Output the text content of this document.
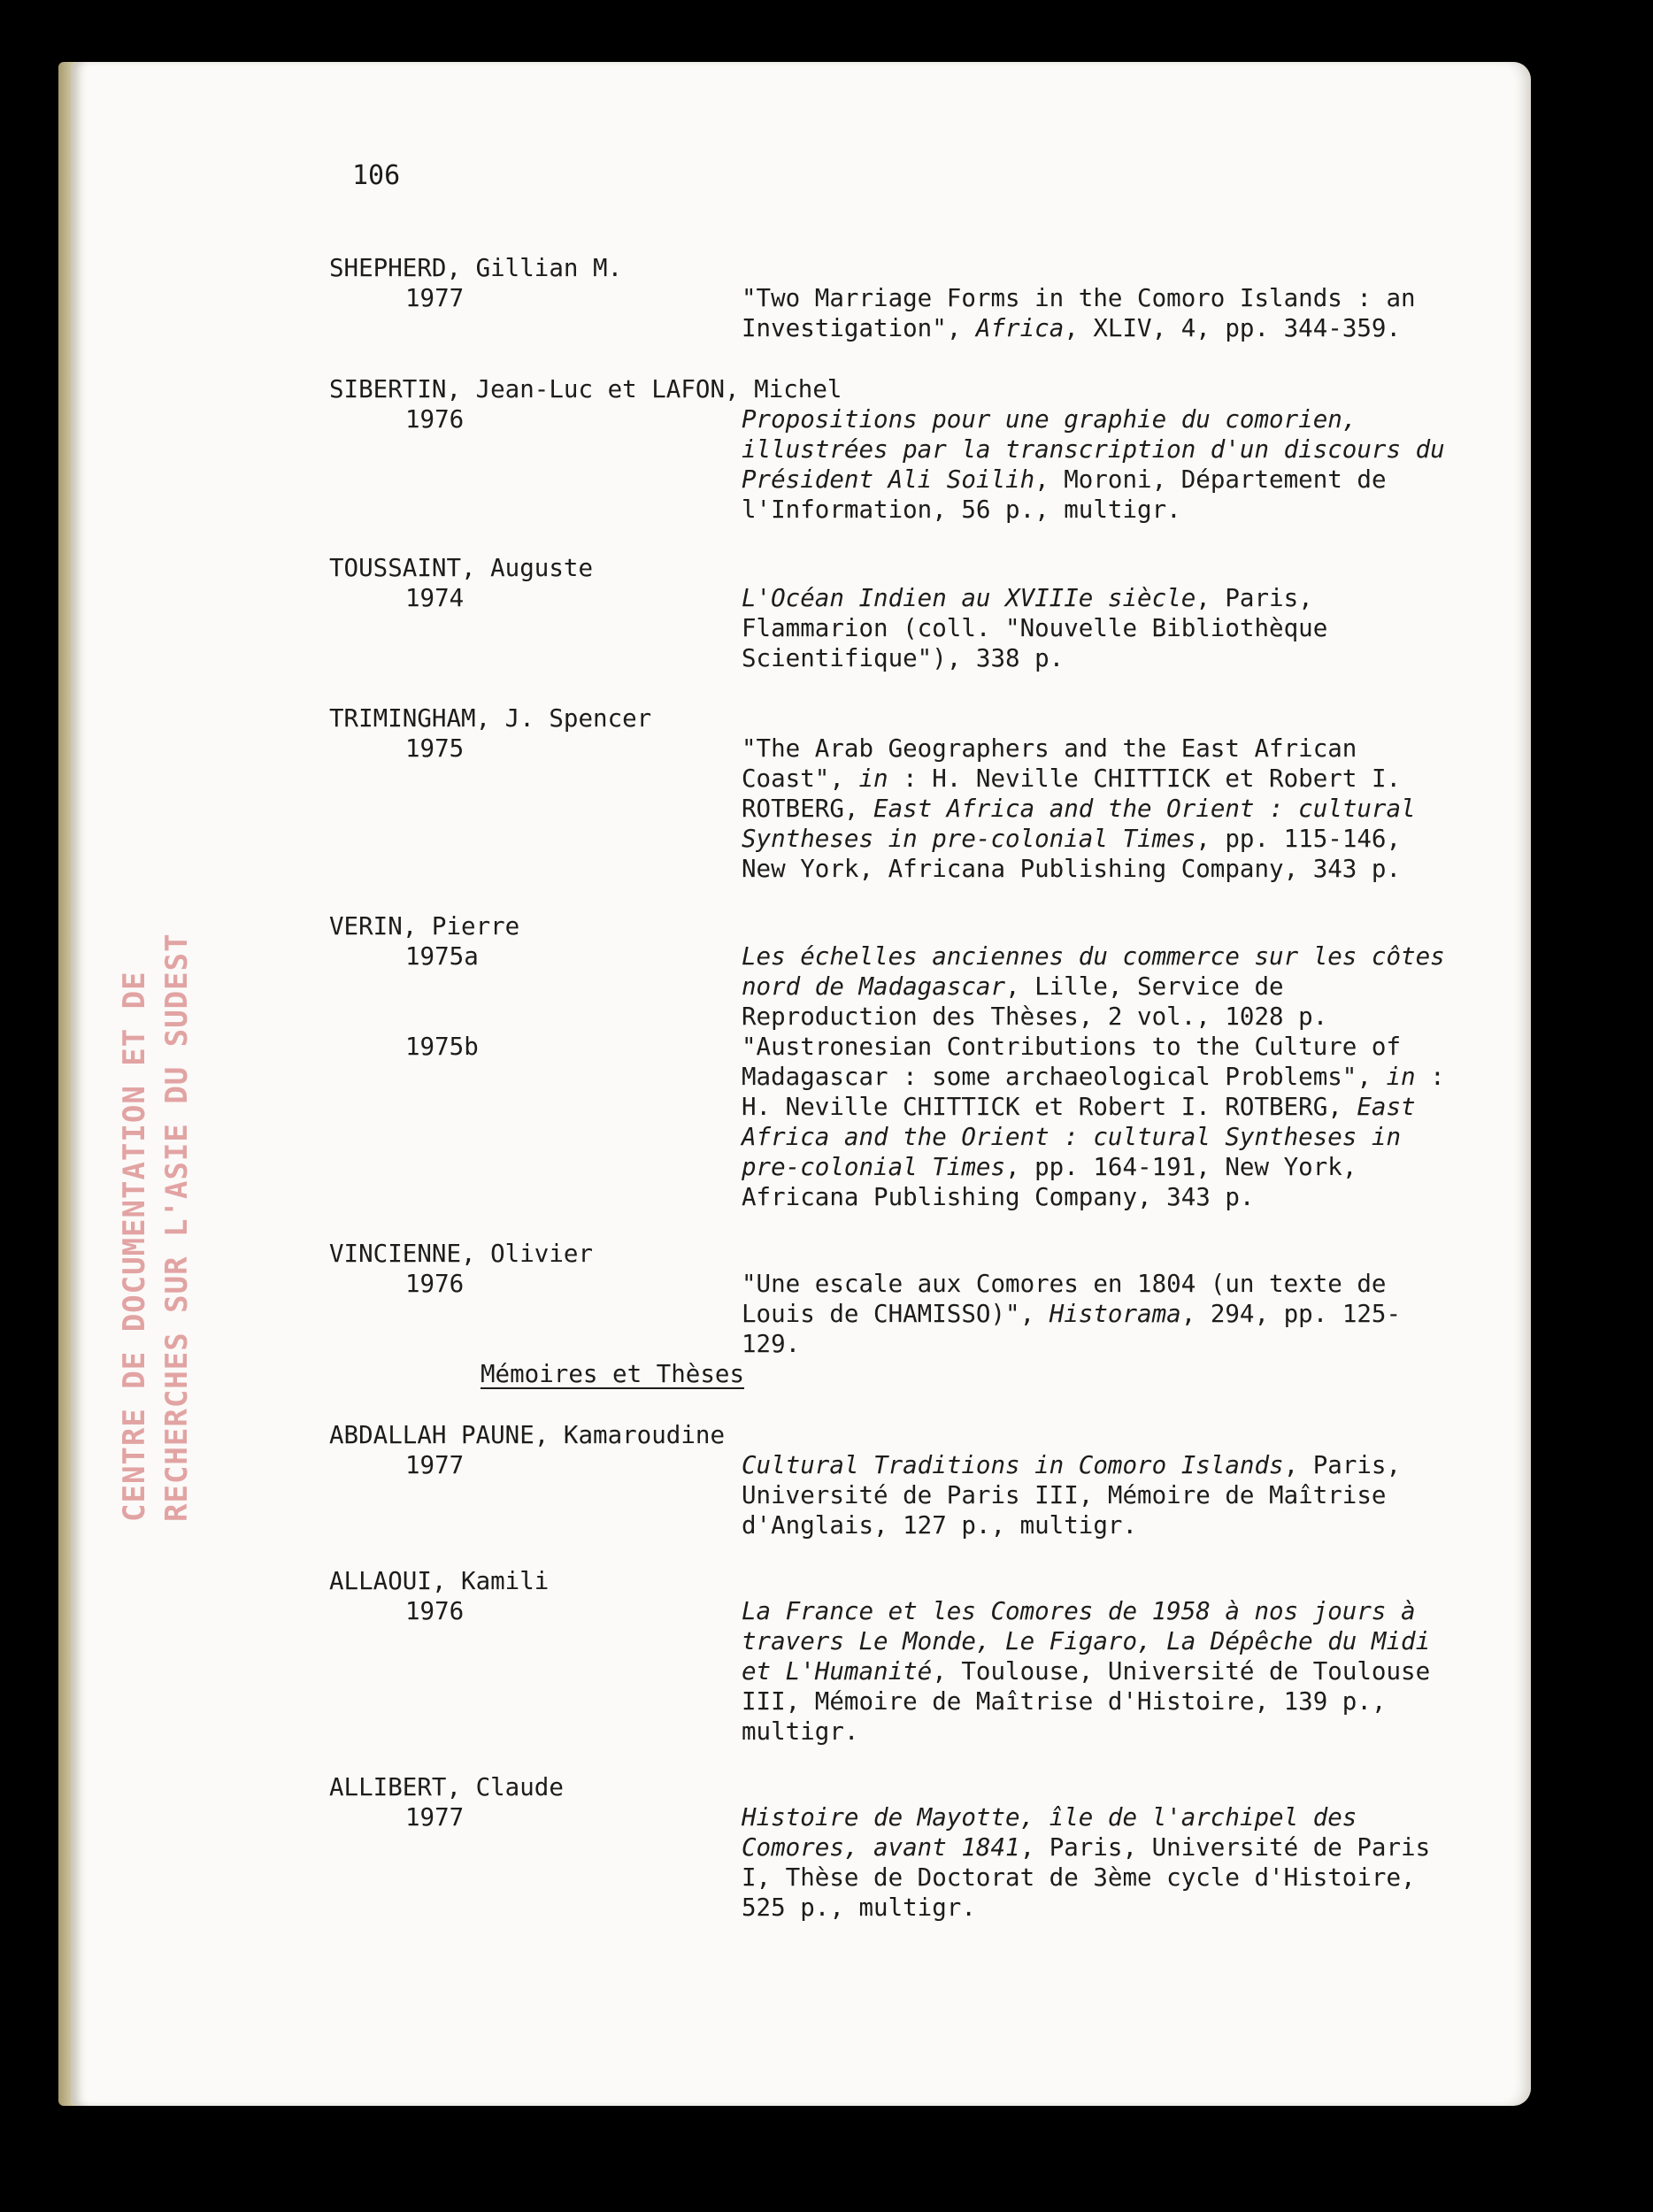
CENTRE DE DOCUMENTATION ET DE RECHERCHES SUR L'ASIE DU SUDEST
106
SHEPHERD, Gillian M.
1977	"Two Marriage Forms in the Comoro Islands : an
Investigation", Africa, XLIV, 4, pp. 344-359.
SIBERTIN, Jean-Luc et LAFON, Michel
1976	Propositions pour une graphie du comorien, illustrées par la transcription d'un discours du Président Ali Soilih, Moroni, Département de l'Information, 56 p., multigr.
TOUSSAINT, Auguste
1974	L'Océan Indien au XVIIIe siècle, Paris, Flammarion (coll. "Nouvelle Bibliothèque Scientifique"), 338 p.
TRIMINGHAM, J. Spencer
1975	"The Arab Geographers and the East African Coast", in : H. Neville CHITTICK et Robert I. ROTBERG, East Africa and the Orient : cultural Syntheses in pre-colonial Times, pp. 115-146, New York, Africana Publishing Company, 343 p.
VERIN, Pierre
1975a	Les échelles anciennes du commerce sur les côtes nord de Madagascar, Lille, Service de Reproduction des Thèses, 2 vol., 1028 p.
1975b	"Austronesian Contributions to the Culture of Madagascar : some archaeological Problems", in : H. Neville CHITTICK et Robert I. ROTBERG, East Africa and the Orient : cultural Syntheses in pre-colonial Times, pp. 164-191, New York, Africana Publishing Company, 343 p.
VINCIENNE, Olivier
1976	"Une escale aux Comores en 1804 (un texte de Louis de CHAMISSO)", Historama, 294, pp. 125-129.
Mémoires et Thèses
ABDALLAH PAUNE, Kamaroudine
1977	Cultural Traditions in Comoro Islands, Paris, Université de Paris III, Mémoire de Maîtrise d'Anglais, 127 p., multigr.
ALLAOUI, Kamili
1976	La France et les Comores de 1958 à nos jours à travers Le Monde, Le Figaro, La Dépêche du Midi et L'Humanité, Toulouse, Université de Toulouse III, Mémoire de Maîtrise d'Histoire, 139 p., multigr.
ALLIBERT, Claude
1977	Histoire de Mayotte, île de l'archipel des Comores, avant 1841, Paris, Université de Paris I, Thèse de Doctorat de 3ème cycle d'Histoire, 525 p., multigr.
